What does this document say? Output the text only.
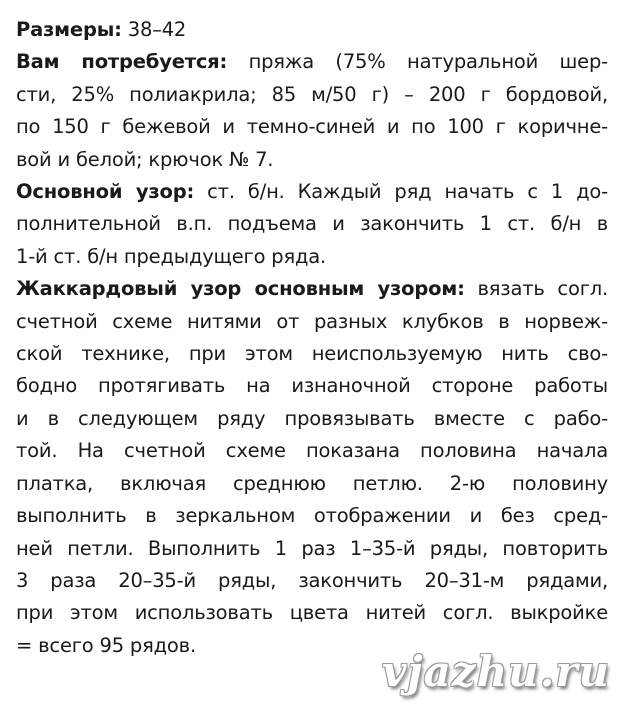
Размеры: 38–42
Вам потребуется: пряжа (75% натуральной шер-
сти, 25% полиакрила; 85 м/50 г) – 200 г бордовой,
по 150 г бежевой и темно-синей и по 100 г коричне-
вой и белой; крючок № 7.
Основной узор: ст. б/н. Каждый ряд начать с 1 до-
полнительной в.п. подъема и закончить 1 ст. б/н в
1-й ст. б/н предыдущего ряда.
Жаккардовый узор основным узором: вязать согл.
счетной схеме нитями от разных клубков в норвеж-
ской технике, при этом неиспользуемую нить сво-
бодно протягивать на изнаночной стороне работы
и в следующем ряду провязывать вместе с рабо-
той. На счетной схеме показана половина начала
платка, включая среднюю петлю. 2-ю половину
выполнить в зеркальном отображении и без сред-
ней петли. Выполнить 1 раз 1–35-й ряды, повторить
3 раза 20–35-й ряды, закончить 20–31-м рядами,
при этом использовать цвета нитей согл. выкройке
= всего 95 рядов.
vjazhu.ru
